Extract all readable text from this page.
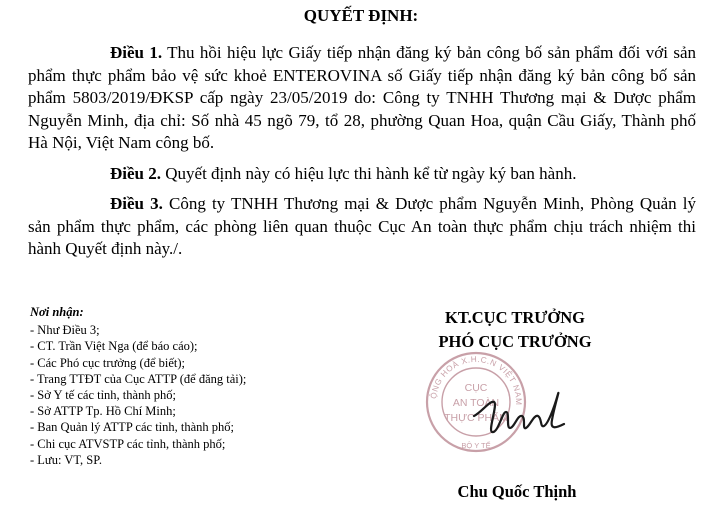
QUYẾT ĐỊNH:

Điều 1. Thu hồi hiệu lực Giấy tiếp nhận đăng ký bản công bố sản phẩm đối với sản phẩm thực phẩm bảo vệ sức khoẻ ENTEROVINA số Giấy tiếp nhận đăng ký bản công bố sản phẩm 5803/2019/ĐKSP cấp ngày 23/05/2019 do: Công ty TNHH Thương mại & Dược phẩm Nguyễn Minh, địa chỉ: Số nhà 45 ngõ 79, tổ 28, phường Quan Hoa, quận Cầu Giấy, Thành phố Hà Nội, Việt Nam công bố.

Điều 2. Quyết định này có hiệu lực thi hành kể từ ngày ký ban hành.

Điều 3. Công ty TNHH Thương mại & Dược phẩm Nguyễn Minh, Phòng Quản lý sản phẩm thực phẩm, các phòng liên quan thuộc Cục An toàn thực phẩm chịu trách nhiệm thi hành Quyết định này./.

Nơi nhận:
- Như Điều 3;
- CT. Trần Việt Nga (để báo cáo);
- Các Phó cục trưởng (để biết);
- Trang TTĐT của Cục ATTP (để đăng tải);
- Sở Y tế các tỉnh, thành phố;
- Sở ATTP Tp. Hồ Chí Minh;
- Ban Quản lý ATTP các tỉnh, thành phố;
- Chi cục ATVSTP các tỉnh, thành phố;
- Lưu: VT, SP.
KT.CỤC TRƯỞNG
PHÓ CỤC TRƯỞNG
ỘNG HOÀ X.H.C.N VIỆT NAM
BỘ Y TẾ
CỤC
AN TOÀN
THỰC PHẨM
Chu Quốc Thịnh
